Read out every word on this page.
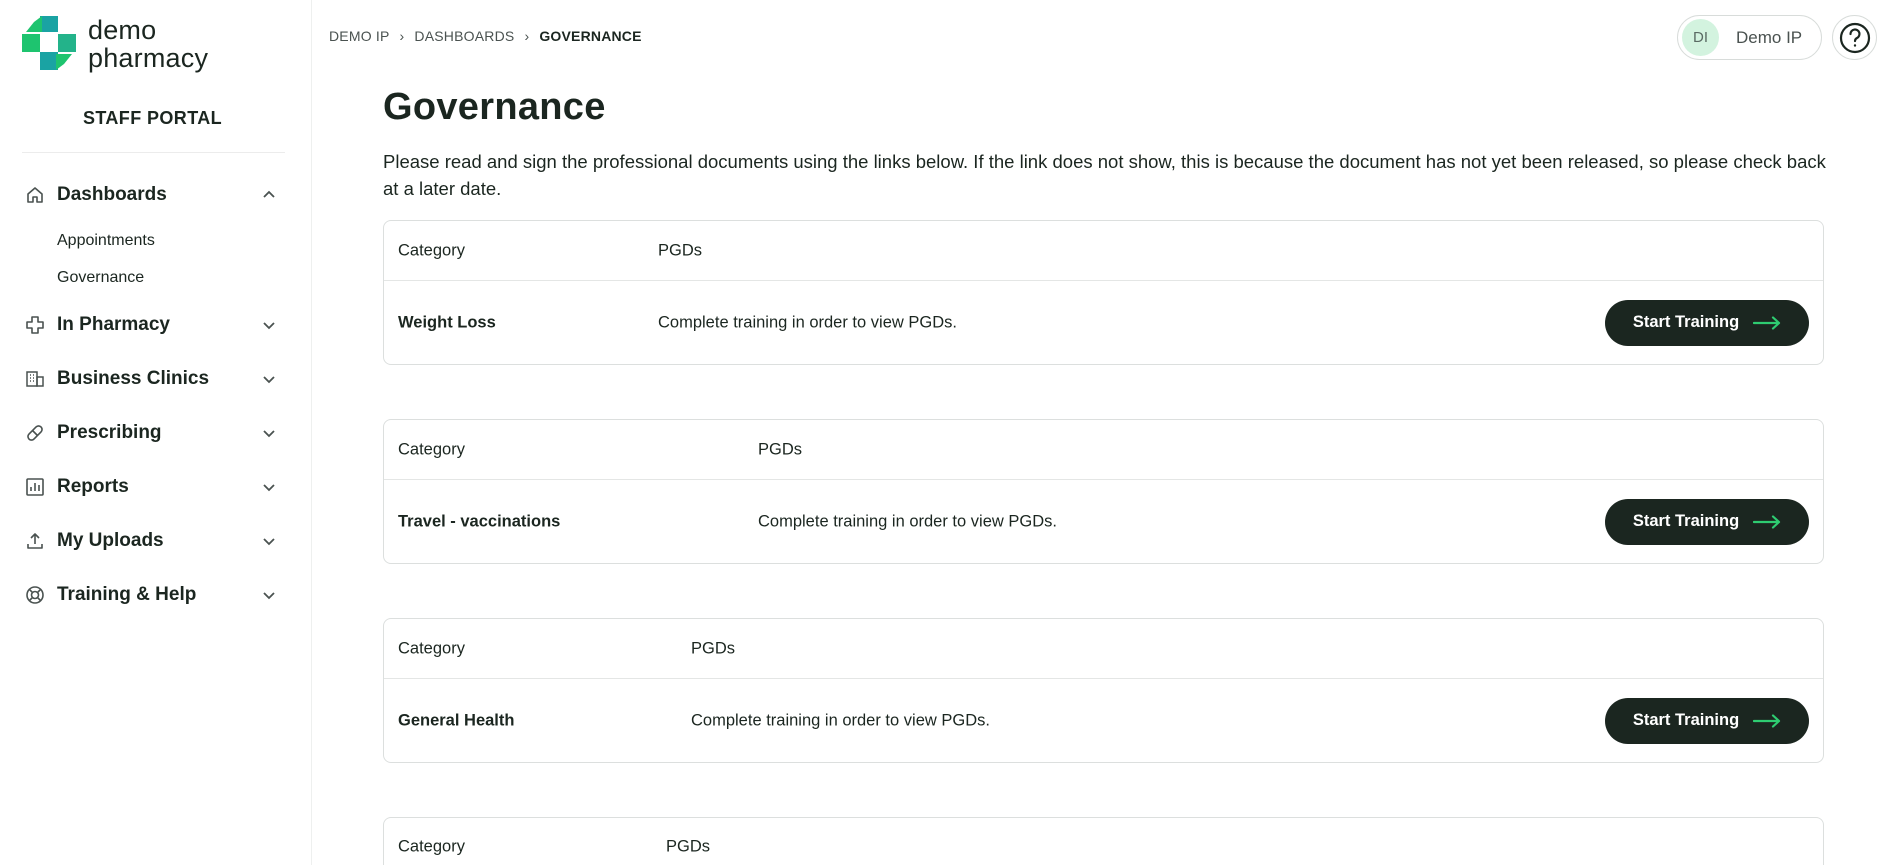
demo
pharmacy
STAFF PORTAL
Dashboards
Appointments
Governance
In Pharmacy
Business Clinics
Prescribing
Reports
My Uploads
Training & Help
DEMO IP › DASHBOARDS › GOVERNANCE	DI	Demo IP
Governance

Please read and sign the professional documents using the links below. If the link does not show, this is because the document has not yet been released, so please check back at a later date.

Category	PGDs
Weight Loss	Complete training in order to view PGDs.	Start Training
Category	PGDs
Travel - vaccinations	Complete training in order to view PGDs.	Start Training
Category	PGDs
General Health	Complete training in order to view PGDs.	Start Training
Category	PGDs
